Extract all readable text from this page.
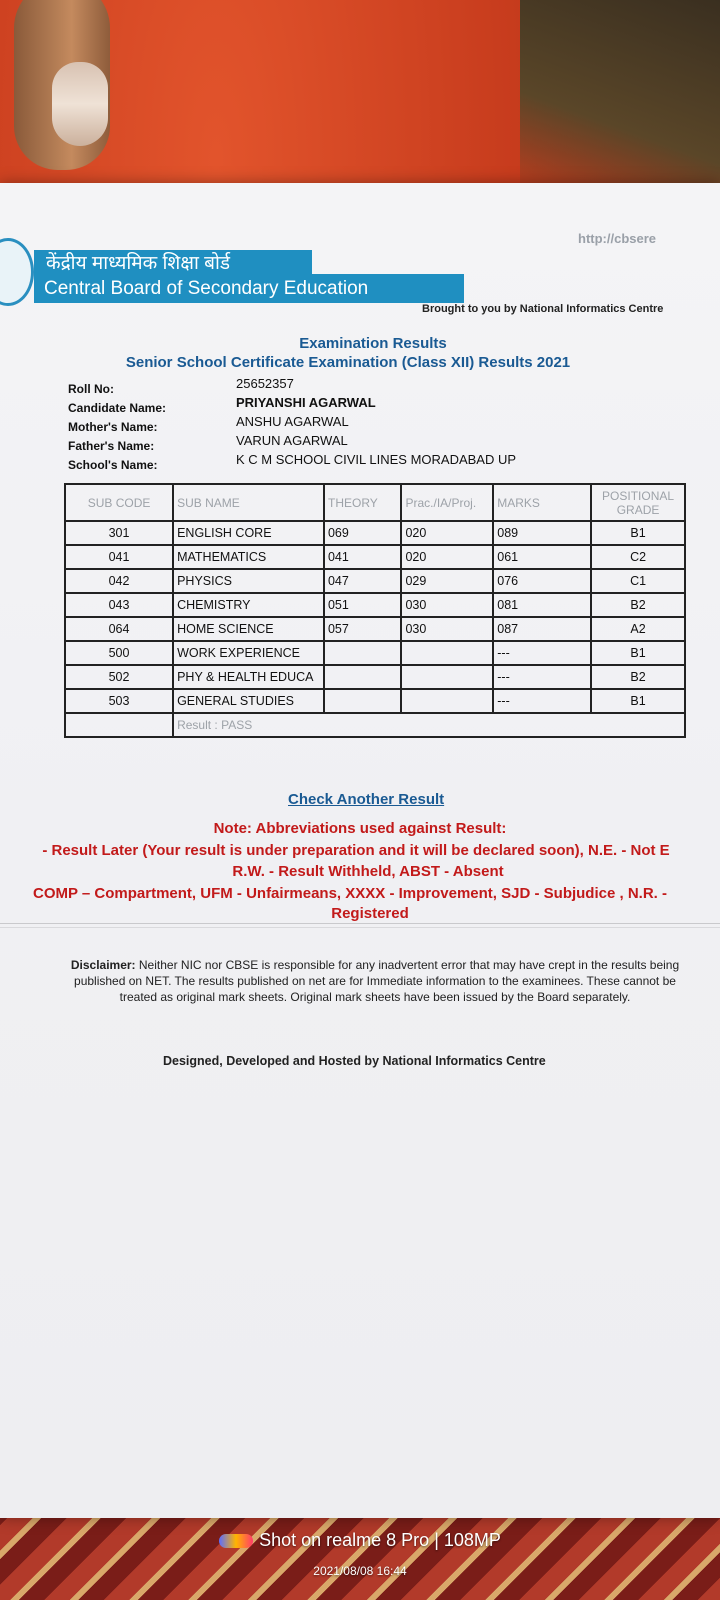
http://cbsere
केंद्रीय माध्यमिक शिक्षा बोर्ड
Central Board of Secondary Education
Brought to you by National Informatics Centre
Examination Results
Senior School Certificate Examination (Class XII) Results 2021
Roll No:	25652357
Candidate Name:	PRIYANSHI AGARWAL
Mother's Name:	ANSHU AGARWAL
Father's Name:	VARUN AGARWAL
School's Name:	K C M SCHOOL CIVIL LINES MORADABAD UP
SUB CODE	SUB NAME	THEORY	Prac./IA/Proj.	MARKS	POSITIONAL GRADE
301	ENGLISH CORE	069	020	089	B1
041	MATHEMATICS	041	020	061	C2
042	PHYSICS	047	029	076	C1
043	CHEMISTRY	051	030	081	B2
064	HOME SCIENCE	057	030	087	A2
500	WORK EXPERIENCE			---	B1
502	PHY & HEALTH EDUCA			---	B2
503	GENERAL STUDIES			---	B1
	Result : PASS				
Check Another Result
Note: Abbreviations used against Result:
- Result Later (Your result is under preparation and it will be declared soon), N.E. - Not E
R.W. - Result Withheld, ABST - Absent
COMP – Compartment, UFM - Unfairmeans, XXXX - Improvement, SJD - Subjudice , N.R. -
Registered
Disclaimer: Neither NIC nor CBSE is responsible for any inadvertent error that may have crept in the results being published on NET. The results published on net are for Immediate information to the examinees. These cannot be treated as original mark sheets. Original mark sheets have been issued by the Board separately.
Designed, Developed and Hosted by National Informatics Centre
Shot on realme 8 Pro | 108MP
2021/08/08 16:44
